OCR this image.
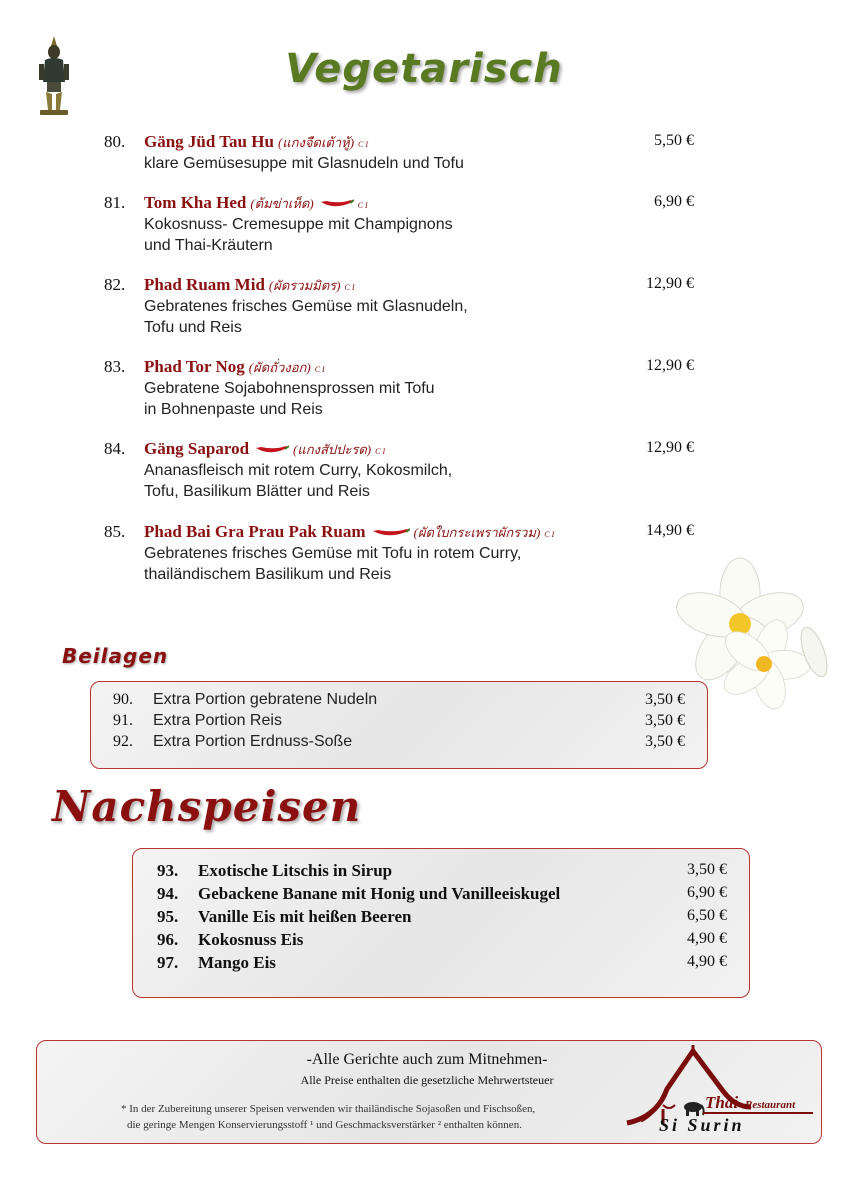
Vegetarisch
80.	Gäng Jüd Tau Hu (แกงจืดเต้าหู้) C I	5,50 €
klare Gemüsesuppe mit Glasnudeln und Tofu
81.	Tom Kha Hed (ต้มข่าเห็ด)	C I	6,90 €
Kokosnuss- Cremesuppe mit Champignons
und Thai-Kräutern
82.	Phad Ruam Mid (ผัดรวมมิตร) C I	12,90 €
Gebratenes frisches Gemüse mit Glasnudeln,
Tofu und Reis
83.	Phad Tor Nog (ผัดถั่วงอก) C I	12,90 €
Gebratene Sojabohnensprossen mit Tofu
in Bohnenpaste und Reis
84.	Gäng Saparod	(แกงสัปปะรด) C I	12,90 €
Ananasfleisch mit rotem Curry, Kokosmilch,
Tofu, Basilikum Blätter und Reis
85.	Phad Bai Gra Prau Pak Ruam	(ผัดใบกระเพราผักรวม) C I	14,90 €
Gebratenes frisches Gemüse mit Tofu in rotem Curry,
thailändischem Basilikum und Reis
Beilagen
90. Extra Portion gebratene Nudeln	3,50 €
91. Extra Portion Reis	3,50 €
92. Extra Portion Erdnuss-Soße	3,50 €
Nachspeisen
93. Exotische Litschis in Sirup	3,50 €
94. Gebackene Banane mit Honig und Vanilleeiskugel	6,90 €
95. Vanille Eis mit heißen Beeren	6,50 €
96. Kokosnuss Eis	4,90 €
97. Mango Eis	4,90 €
-Alle Gerichte auch zum Mitnehmen-
Alle Preise enthalten die gesetzliche Mehrwertsteuer
* In der Zubereitung unserer Speisen verwenden wir thailändische Sojasoßen und Fischsoßen,
die geringe Mengen Konservierungsstoff ¹ und Geschmacksverstärker ² enthalten können.
Thai Restaurant
Si Surin
